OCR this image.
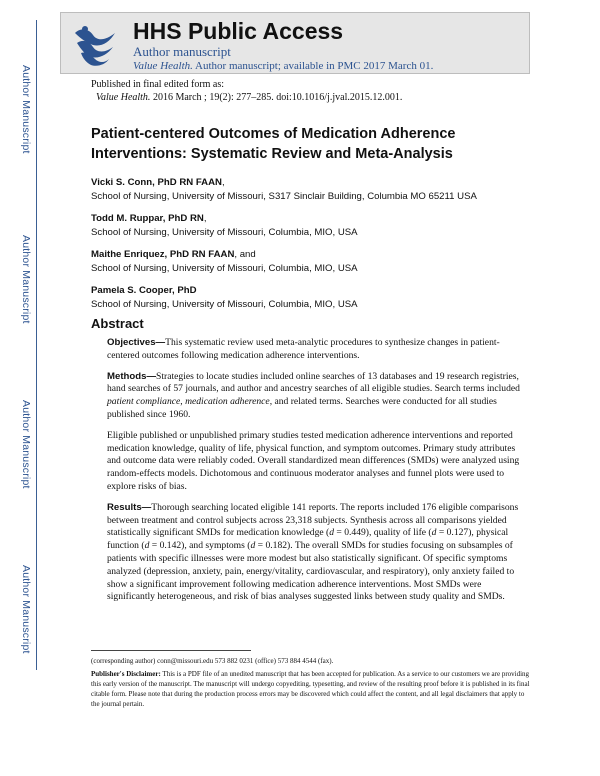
Author Manuscript
Author Manuscript
Author Manuscript
Author Manuscript
HHS Public Access
Author manuscript
Value Health. Author manuscript; available in PMC 2017 March 01.
Published in final edited form as:
Value Health. 2016 March ; 19(2): 277–285. doi:10.1016/j.jval.2015.12.001.
Patient-centered Outcomes of Medication Adherence Interventions: Systematic Review and Meta-Analysis
Vicki S. Conn, PhD RN FAAN,
School of Nursing, University of Missouri, S317 Sinclair Building, Columbia MO 65211 USA
Todd M. Ruppar, PhD RN,
School of Nursing, University of Missouri, Columbia, MIO, USA
Maithe Enriquez, PhD RN FAAN, and
School of Nursing, University of Missouri, Columbia, MIO, USA
Pamela S. Cooper, PhD
School of Nursing, University of Missouri, Columbia, MIO, USA
Abstract

Objectives—This systematic review used meta-analytic procedures to synthesize changes in patient-centered outcomes following medication adherence interventions.

Methods—Strategies to locate studies included online searches of 13 databases and 19 research registries, hand searches of 57 journals, and author and ancestry searches of all eligible studies. Search terms included patient compliance, medication adherence, and related terms. Searches were conducted for all studies published since 1960.

Eligible published or unpublished primary studies tested medication adherence interventions and reported medication knowledge, quality of life, physical function, and symptom outcomes. Primary study attributes and outcome data were reliably coded. Overall standardized mean differences (SMDs) were analyzed using random-effects models. Dichotomous and continuous moderator analyses and funnel plots were used to explore risks of bias.

Results—Thorough searching located eligible 141 reports. The reports included 176 eligible comparisons between treatment and control subjects across 23,318 subjects. Synthesis across all comparisons yielded statistically significant SMDs for medication knowledge (d = 0.449), quality of life (d = 0.127), physical function (d = 0.142), and symptoms (d = 0.182). The overall SMDs for studies focusing on subsamples of patients with specific illnesses were more modest but also statistically significant. Of specific symptoms analyzed (depression, anxiety, pain, energy/vitality, cardiovascular, and respiratory), only anxiety failed to show a significant improvement following medication adherence interventions. Most SMDs were significantly heterogeneous, and risk of bias analyses suggested links between study quality and SMDs.

(corresponding author) conn@missouri.edu 573 882 0231 (office) 573 884 4544 (fax).
Publisher's Disclaimer: This is a PDF file of an unedited manuscript that has been accepted for publication. As a service to our customers we are providing this early version of the manuscript. The manuscript will undergo copyediting, typesetting, and review of the resulting proof before it is published in its final citable form. Please note that during the production process errors may be discovered which could affect the content, and all legal disclaimers that apply to the journal pertain.
